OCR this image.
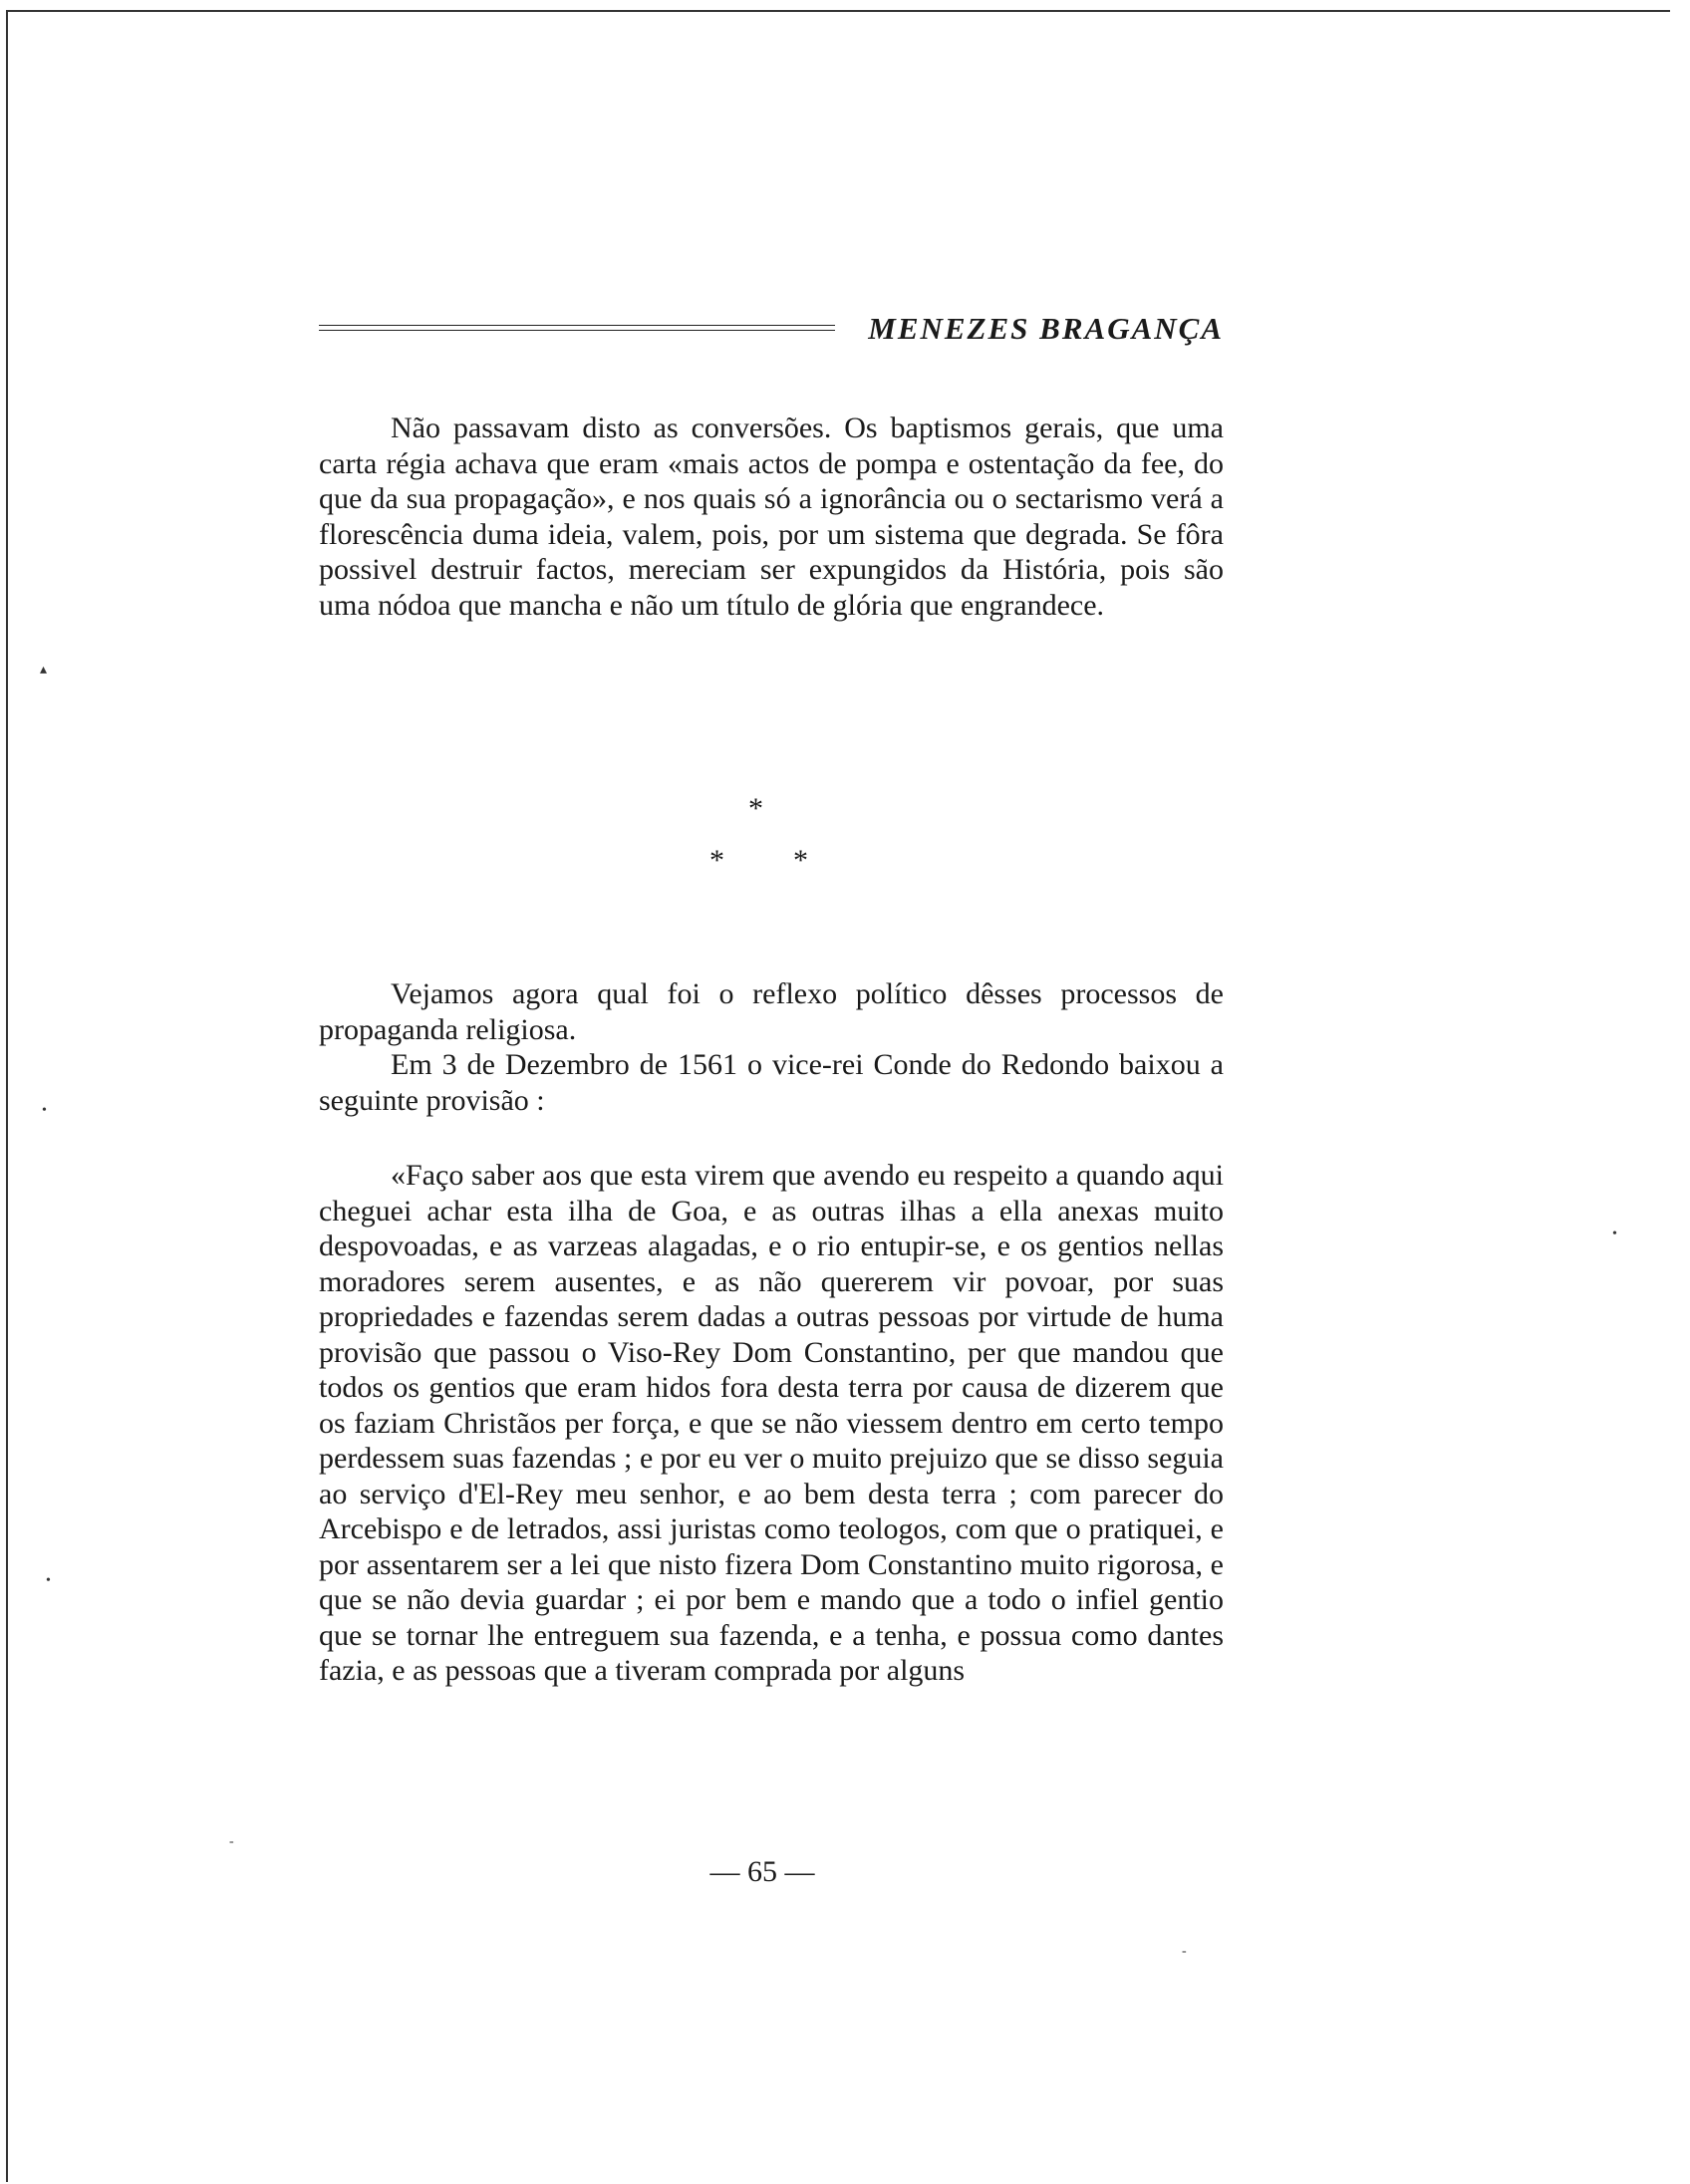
MENEZES BRAGANÇA

Não passavam disto as conversões. Os baptismos gerais, que uma carta régia achava que eram «mais actos de pompa e ostentação da fee, do que da sua propagação», e nos quais só a ignorância ou o sectarismo verá a florescência duma ideia, valem, pois, por um sistema que degrada. Se fôra possivel destruir factos, mereciam ser expungidos da História, pois são uma nódoa que mancha e não um título de glória que engrandece.

*
* *

Vejamos agora qual foi o reflexo político dêsses processos de propaganda religiosa.

Em 3 de Dezembro de 1561 o vice-rei Conde do Redondo baixou a seguinte provisão :

«Faço saber aos que esta virem que avendo eu respeito a quando aqui cheguei achar esta ilha de Goa, e as outras ilhas a ella anexas muito despovoadas, e as varzeas alagadas, e o rio entupir-se, e os gentios nellas moradores serem ausentes, e as não quererem vir povoar, por suas propriedades e fazendas serem dadas a outras pessoas por virtude de huma provisão que passou o Viso-Rey Dom Constantino, per que mandou que todos os gentios que eram hidos fora desta terra por causa de dizerem que os faziam Christãos per força, e que se não viessem dentro em certo tempo perdessem suas fazendas ; e por eu ver o muito prejuizo que se disso seguia ao serviço d'El-Rey meu senhor, e ao bem desta terra ; com parecer do Arcebispo e de letrados, assi juristas como teologos, com que o pratiquei, e por assentarem ser a lei que nisto fizera Dom Constantino muito rigorosa, e que se não devia guardar ; ei por bem e mando que a todo o infiel gentio que se tornar lhe entreguem sua fazenda, e a tenha, e possua como dantes fazia, e as pessoas que a tiveram comprada por alguns

— 65 —
▴
•
•
•
-
-
